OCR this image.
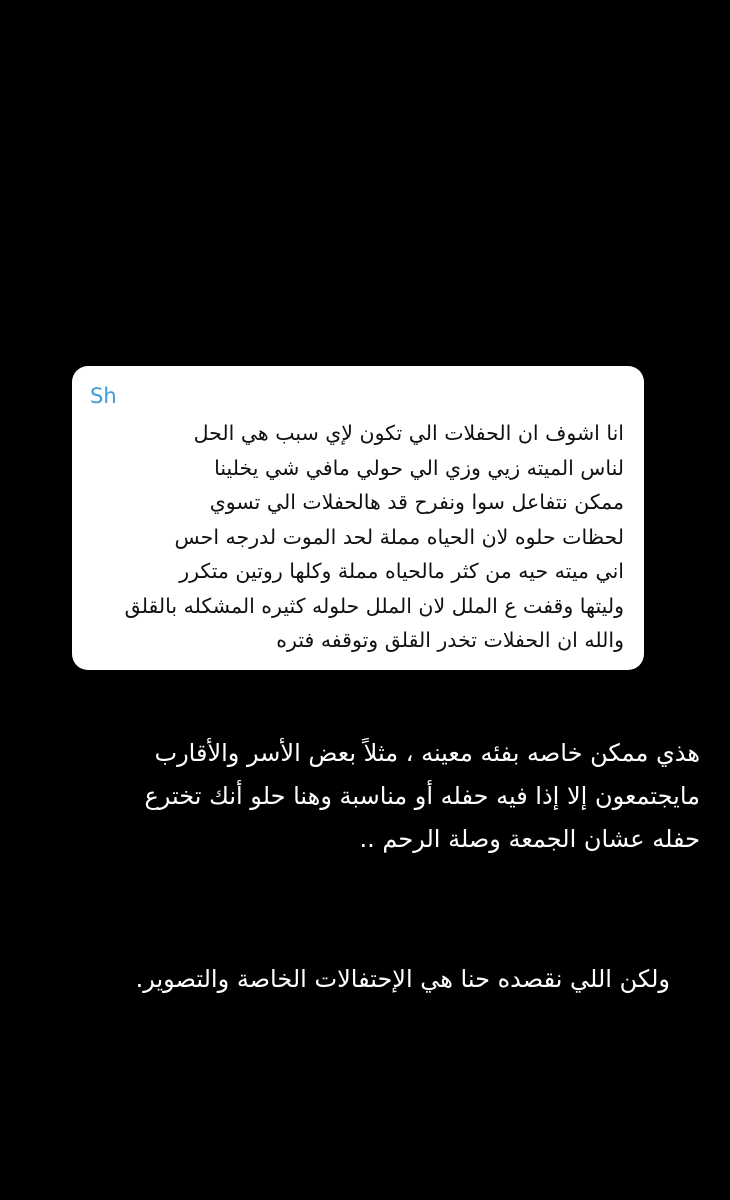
Sh
انا اشوف ان الحفلات الي تكون لإي سبب هي الحل
لناس الميته زيي وزي الي حولي مافي شي يخلينا
ممكن نتفاعل سوا ونفرح قد هالحفلات الي تسوي
لحظات حلوه لان الحياه مملة لحد الموت لدرجه احس
اني ميته حيه من كثر مالحياه مملة وكلها روتين متكرر
وليتها وقفت ع الملل لان الملل حلوله كثيره المشكله بالقلق
والله ان الحفلات تخدر القلق وتوقفه فتره
هذي ممكن خاصه بفئه معينه ، مثلاً بعض الأسر والأقارب
مايجتمعون إلا إذا فيه حفله أو مناسبة وهنا حلو أنك تخترع
حفله عشان الجمعة وصلة الرحم ..
ولكن اللي نقصده حنا هي الإحتفالات الخاصة والتصوير.
